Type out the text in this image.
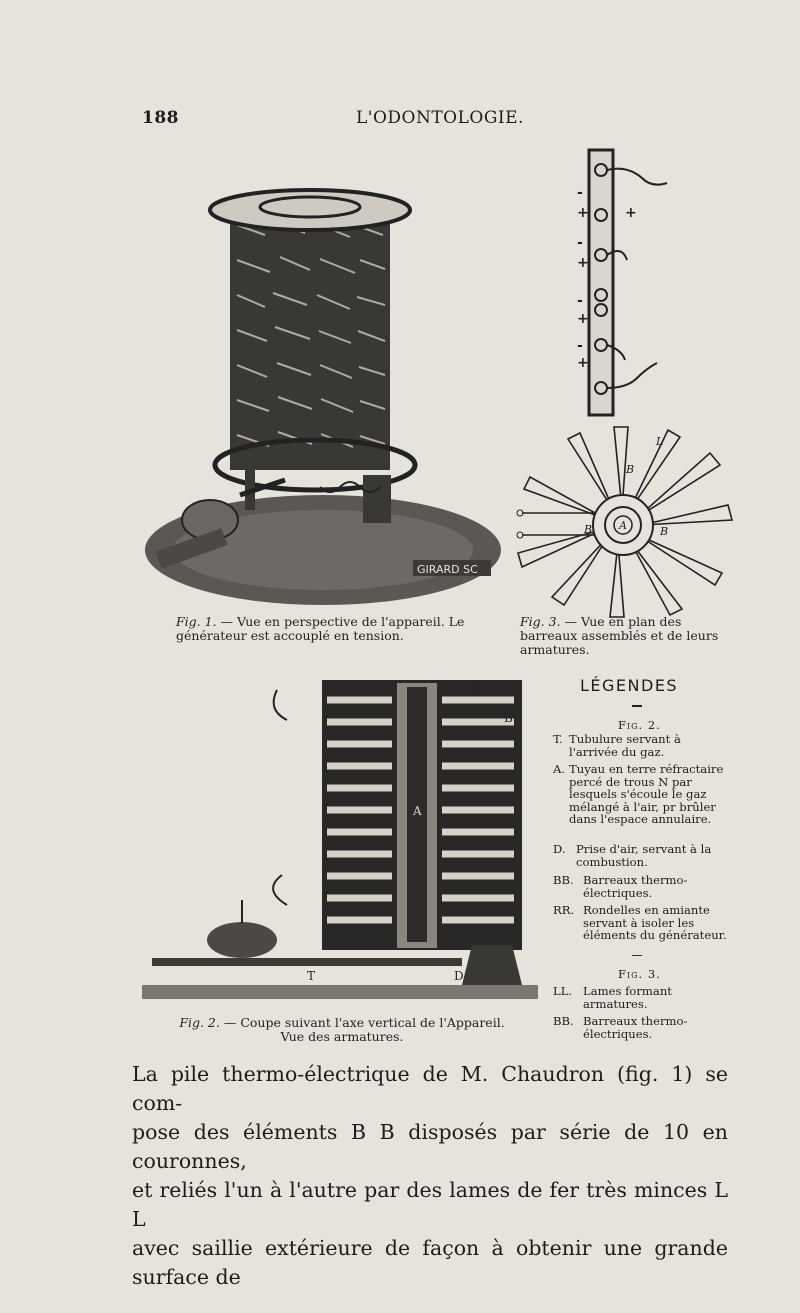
188	L'ODONTOLOGIE.
GIRARD SC
-
+	+
-
+
-
+
-
+
L
B
A
B	B
Fig. 1. — Vue en perspective de l'appareil. Le générateur est accouplé en tension.
Fig. 3. — Vue en plan des barreaux assemblés et de leurs armatures.
T	D
R
B
A
Fig. 2. — Coupe suivant l'axe vertical de l'Appareil. Vue des armatures.
LÉGENDES
Fig. 2.
T. Tubulure servant à l'arrivée du gaz.
A. Tuyau en terre réfractaire percé de trous N par lesquels s'écoule le gaz mélangé à l'air, pr brûler dans l'espace annulaire.
D. Prise d'air, servant à la combustion.
BB. Barreaux thermo-électriques.
RR. Rondelles en amiante servant à isoler les éléments du générateur.
Fig. 3.
LL. Lames formant armatures.
BB. Barreaux thermo-électriques.
La pile thermo-électrique de M. Chaudron (fig. 1) se com-
pose des éléments B B disposés par série de 10 en couronnes,
et reliés l'un à l'autre par des lames de fer très minces L L
avec saillie extérieure de façon à obtenir une grande surface de
